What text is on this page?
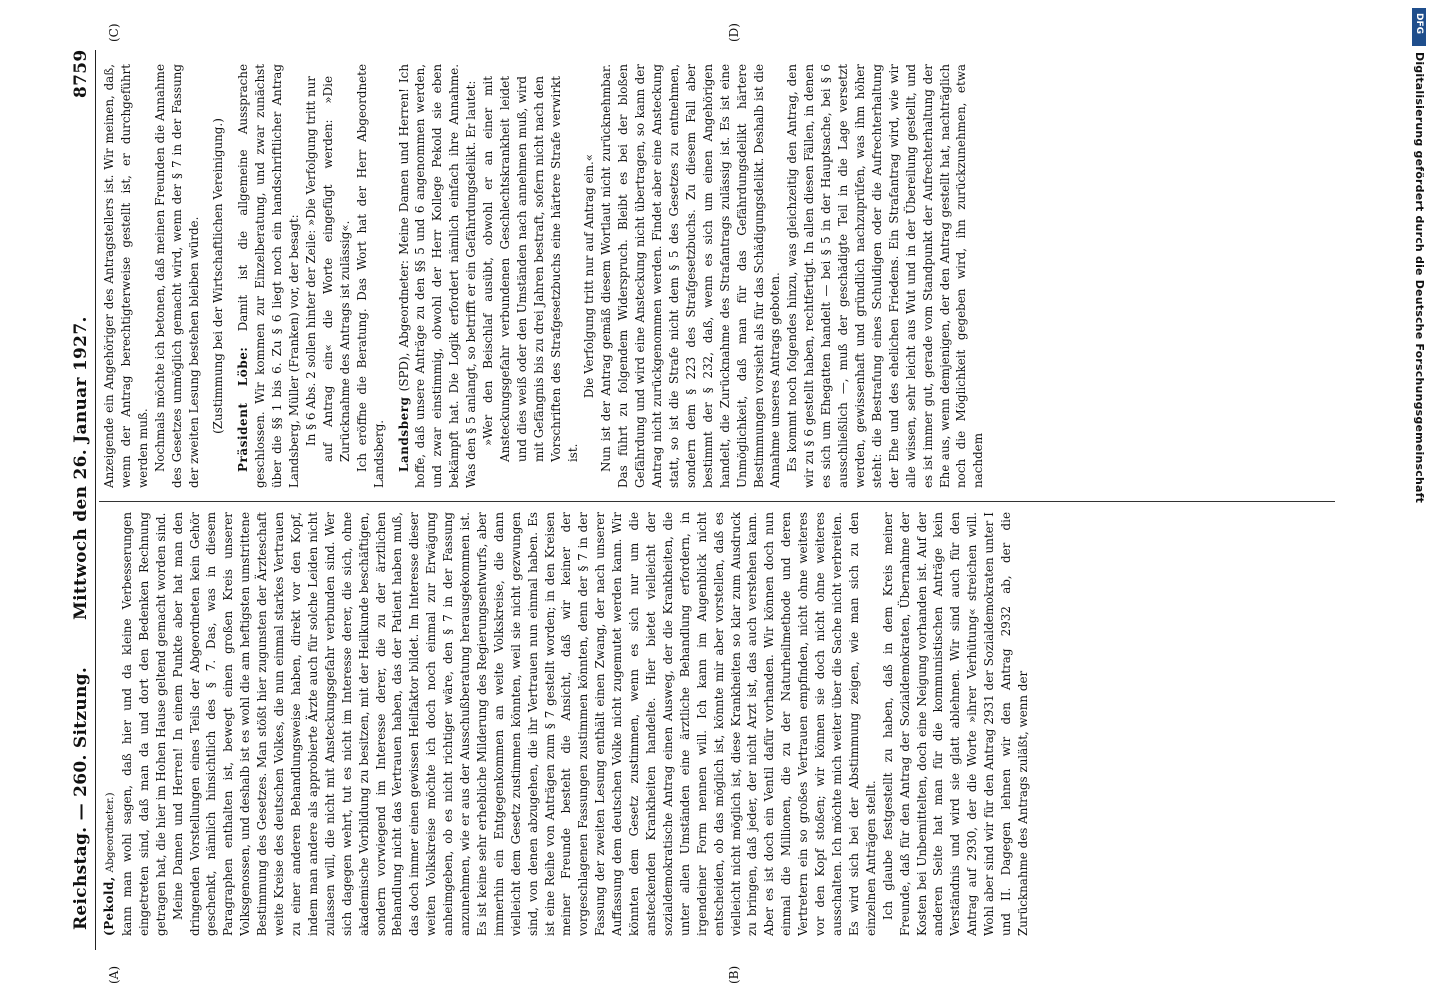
Reichstag. — 260. Sitzung.
Mittwoch den 26. Januar 1927.
8759
(A)	(B)
(C)	(D)

(Pekold, Abgeordneter.) kann man wohl sagen, daß hier und da kleine Verbesserungen eingetreten sind, daß man da und dort den Bedenken Rechnung getragen hat, die hier im Hohen Hause geltend gemacht worden sind. Meine Damen und Herren! In einem Punkte aber hat man den dringenden Vorstellungen eines Teils der Abgeordneten kein Gehör geschenkt, nämlich hinsichtlich des § 7. Das, was in diesem Paragraphen enthalten ist, bewegt einen großen Kreis unserer Volksgenossen, und deshalb ist es wohl die am heftigsten umstrittene Bestimmung des Gesetzes. Man stößt hier zugunsten der Ärzteschaft weite Kreise des deutschen Volkes, die nun einmal starkes Vertrauen zu einer anderen Behandlungsweise haben, direkt vor den Kopf, indem man andere als approbierte Ärzte auch für solche Leiden nicht zulassen will, die nicht mit Ansteckungsgefahr verbunden sind. Wer sich dagegen wehrt, tut es nicht im Interesse derer, die sich, ohne akademische Vorbildung zu besitzen, mit der Heilkunde beschäftigen, sondern vorwiegend im Interesse derer, die zu der ärztlichen Behandlung nicht das Vertrauen haben, das der Patient haben muß, das doch immer einen gewissen Heilfaktor bildet. Im Interesse dieser weiten Volkskreise möchte ich doch noch einmal zur Erwägung anheimgeben, ob es nicht richtiger wäre, den § 7 in der Fassung anzunehmen, wie er aus der Ausschußberatung herausgekommen ist. Es ist keine sehr erhebliche Milderung des Regierungsentwurfs, aber immerhin ein Entgegenkommen an weite Volkskreise, die dann vielleicht dem Gesetz zustimmen könnten, weil sie nicht gezwungen sind, von denen abzugehen, die ihr Vertrauen nun einmal haben. Es ist eine Reihe von Anträgen zum § 7 gestellt worden; in den Kreisen meiner Freunde besteht die Ansicht, daß wir keiner der vorgeschlagenen Fassungen zustimmen könnten, denn der § 7 in der Fassung der zweiten Lesung enthält einen Zwang, der nach unserer Auffassung dem deutschen Volke nicht zugemutet werden kann. Wir könnten dem Gesetz zustimmen, wenn es sich nur um die ansteckenden Krankheiten handelte. Hier bietet vielleicht der sozialdemokratische Antrag einen Ausweg, der die Krankheiten, die unter allen Umständen eine ärztliche Behandlung erfordern, in irgendeiner Form nennen will. Ich kann im Augenblick nicht entscheiden, ob das möglich ist, könnte mir aber vorstellen, daß es vielleicht nicht möglich ist, diese Krankheiten so klar zum Ausdruck zu bringen, daß jeder, der nicht Arzt ist, das auch verstehen kann. Aber es ist doch ein Ventil dafür vorhanden. Wir können doch nun einmal die Millionen, die zu der Naturheilmethode und deren Vertretern ein so großes Vertrauen empfinden, nicht ohne weiteres vor den Kopf stoßen; wir können sie doch nicht ohne weiteres ausschalten. Ich möchte mich weiter über die Sache nicht verbreiten. Es wird sich bei der Abstimmung zeigen, wie man sich zu den einzelnen Anträgen stellt. Ich glaube festgestellt zu haben, daß in dem Kreis meiner Freunde, daß für den Antrag der Sozialdemokraten, Übernahme der Kosten bei Unbemittelten, doch eine Neigung vorhanden ist. Auf der anderen Seite hat man für die kommunistischen Anträge kein Verständnis und wird sie glatt ablehnen. Wir sind auch für den Antrag auf 2930, der die Worte »ihrer Verhütung« streichen will. Wohl aber sind wir für den Antrag 2931 der Sozialdemokraten unter I und II. Dagegen lehnen wir den Antrag 2932 ab, der die Zurücknahme des Antrags zuläßt, wenn der

Anzeigende ein Angehöriger des Antragstellers ist. Wir meinen, daß, wenn der Antrag berechtigterweise gestellt ist, er durchgeführt werden muß. Nochmals möchte ich betonen, daß meinen Freunden die Annahme des Gesetzes unmöglich gemacht wird, wenn der § 7 in der Fassung der zweiten Lesung bestehen bleiben würde. (Zustimmung bei der Wirtschaftlichen Vereinigung.) Präsident Löbe: Damit ist die allgemeine Aussprache geschlossen. Wir kommen zur Einzelberatung, und zwar zunächst über die §§ 1 bis 6. Zu § 6 liegt noch ein handschriftlicher Antrag Landsberg, Müller (Franken) vor, der besagt: In § 6 Abs. 2 sollen hinter der Zeile: »Die Verfolgung tritt nur auf Antrag ein« die Worte eingefügt werden: »Die Zurücknahme des Antrags ist zulässig«. Ich eröffne die Beratung. Das Wort hat der Herr Abgeordnete Landsberg. Landsberg (SPD), Abgeordneter: Meine Damen und Herren! Ich hoffe, daß unsere Anträge zu den §§ 5 und 6 angenommen werden, und zwar einstimmig, obwohl der Herr Kollege Pekold sie eben bekämpft hat. Die Logik erfordert nämlich einfach ihre Annahme. Was den § 5 anlangt, so betrifft er ein Gefährdungsdelikt. Er lautet: »Wer den Beischlaf ausübt, obwohl er an einer mit Ansteckungsgefahr verbundenen Geschlechtskrankheit leidet und dies weiß oder den Umständen nach annehmen muß, wird mit Gefängnis bis zu drei Jahren bestraft, sofern nicht nach den Vorschriften des Strafgesetzbuchs eine härtere Strafe verwirkt ist.

Die Verfolgung tritt nur auf Antrag ein.« Nun ist der Antrag gemäß diesem Wortlaut nicht zurücknehmbar. Das führt zu folgendem Widerspruch. Bleibt es bei der bloßen Gefährdung und wird eine Ansteckung nicht übertragen, so kann der Antrag nicht zurückgenommen werden. Findet aber eine Ansteckung statt, so ist die Strafe nicht dem § 5 des Gesetzes zu entnehmen, sondern dem § 223 des Strafgesetzbuchs. Zu diesem Fall aber bestimmt der § 232, daß, wenn es sich um einen Angehörigen handelt, die Zurücknahme des Strafantrags zulässig ist. Es ist eine Unmöglichkeit, daß man für das Gefährdungsdelikt härtere Bestimmungen vorsieht als für das Schädigungsdelikt. Deshalb ist die Annahme unseres Antrags geboten. Es kommt noch folgendes hinzu, was gleichzeitig den Antrag, den wir zu § 6 gestellt haben, rechtfertigt. In allen diesen Fällen, in denen es sich um Ehegatten handelt — bei § 5 in der Hauptsache, bei § 6 ausschließlich —, muß der geschädigte Teil in die Lage versetzt werden, gewissenhaft und gründlich nachzuprüfen, was ihm höher steht: die Bestrafung eines Schuldigen oder die Aufrechterhaltung der Ehe und des ehelichen Friedens. Ein Strafantrag wird, wie wir alle wissen, sehr leicht aus Wut und in der Übereilung gestellt, und es ist immer gut, gerade vom Standpunkt der Aufrechterhaltung der Ehe aus, wenn demjenigen, der den Antrag gestellt hat, nachträglich noch die Möglichkeit gegeben wird, ihn zurückzunehmen, etwa nachdem

DFG
Digitalisierung gefördert durch die Deutsche Forschungsgemeinschaft
